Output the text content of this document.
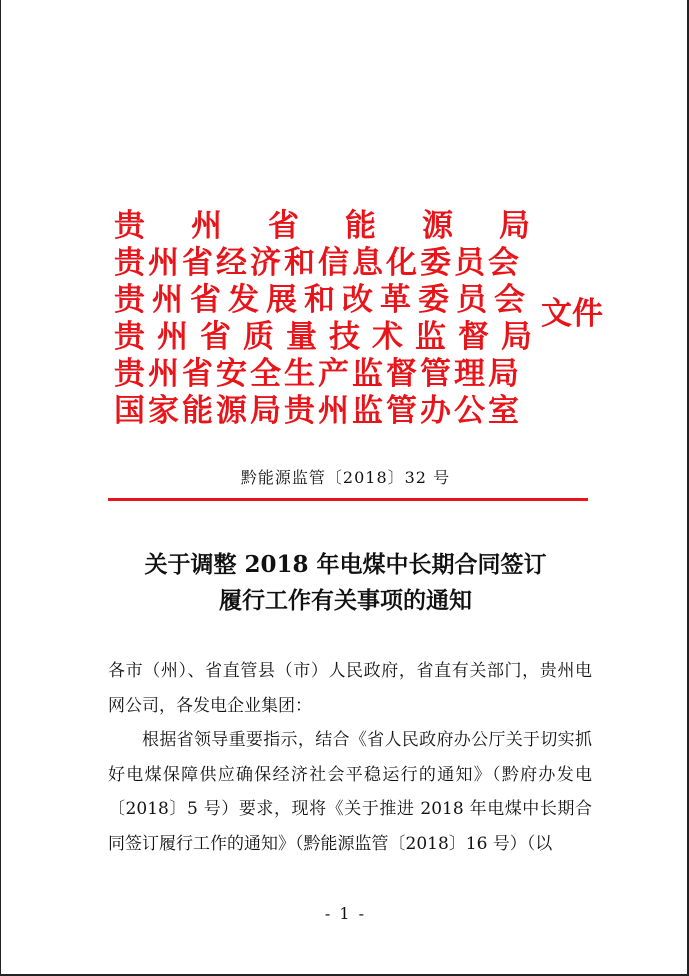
贵州省能源局
贵州省经济和信息化委员会
贵州省发展和改革委员会
贵州省质量技术监督局
贵州省安全生产监督管理局
国家能源局贵州监管办公室
文件
黔能源监管〔2018〕32 号
关于调整 2018 年电煤中长期合同签订
履行工作有关事项的通知

各市（州）、省直管县（市）人民政府，省直有关部门，贵州电网公司，各发电企业集团：

根据省领导重要指示，结合《省人民政府办公厅关于切实抓好电煤保障供应确保经济社会平稳运行的通知》（黔府办发电〔2018〕5 号）要求，现将《关于推进 2018 年电煤中长期合同签订履行工作的通知》（黔能源监管〔2018〕16 号）（以

- 1 -
